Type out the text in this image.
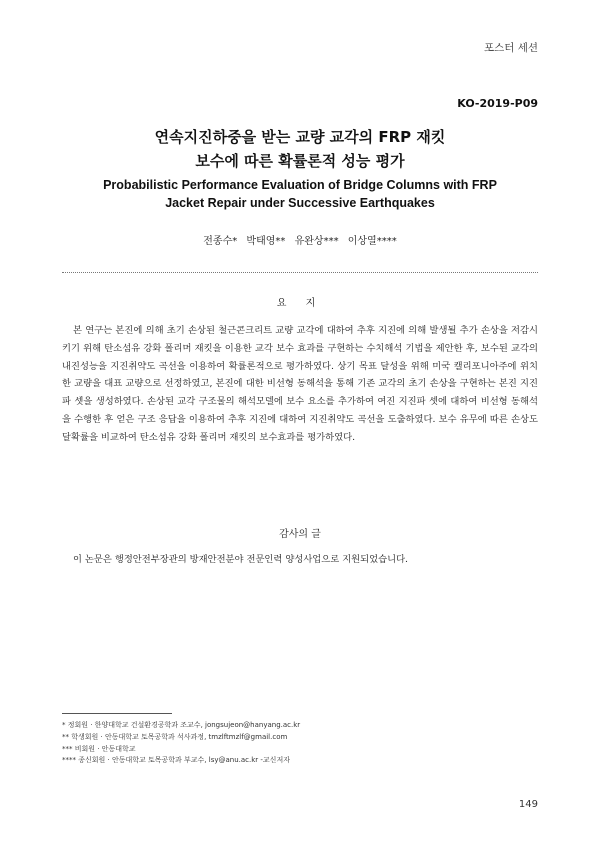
포스터 세션
KO-2019-P09
연속지진하중을 받는 교량 교각의 FRP 재킷
보수에 따른 확률론적 성능 평가
Probabilistic Performance Evaluation of Bridge Columns with FRP
Jacket Repair under Successive Earthquakes
전종수* 박태영** 유완상*** 이상열****
요 지

본 연구는 본진에 의해 초기 손상된 철근콘크리트 교량 교각에 대하여 추후 지진에 의해 발생될 추가 손상을 저감시키기 위해 탄소섬유 강화 폴리머 재킷을 이용한 교각 보수 효과를 구현하는 수치해석 기법을 제안한 후, 보수된 교각의 내진성능을 지진취약도 곡선을 이용하여 확률론적으로 평가하였다. 상기 목표 달성을 위해 미국 캘리포니아주에 위치한 교량을 대표 교량으로 선정하였고, 본진에 대한 비선형 동해석을 통해 기존 교각의 초기 손상을 구현하는 본진 지진파 셋을 생성하였다. 손상된 교각 구조물의 해석모델에 보수 요소를 추가하여 여진 지진파 셋에 대하여 비선형 동해석을 수행한 후 얻은 구조 응답을 이용하여 추후 지진에 대하여 지진취약도 곡선을 도출하였다. 보수 유무에 따른 손상도달확률을 비교하여 탄소섬유 강화 폴리머 재킷의 보수효과를 평가하였다.

감사의 글

이 논문은 행정안전부장관의 방재안전분야 전문인력 양성사업으로 지원되었습니다.

* 정회원 · 한양대학교 건설환경공학과 조교수, jongsujeon@hanyang.ac.kr
** 학생회원 · 안동대학교 토목공학과 석사과정, tmzlftmzlf@gmail.com
*** 비회원 · 안동대학교
**** 종신회원 · 안동대학교 토목공학과 부교수, lsy@anu.ac.kr -교신저자
149
